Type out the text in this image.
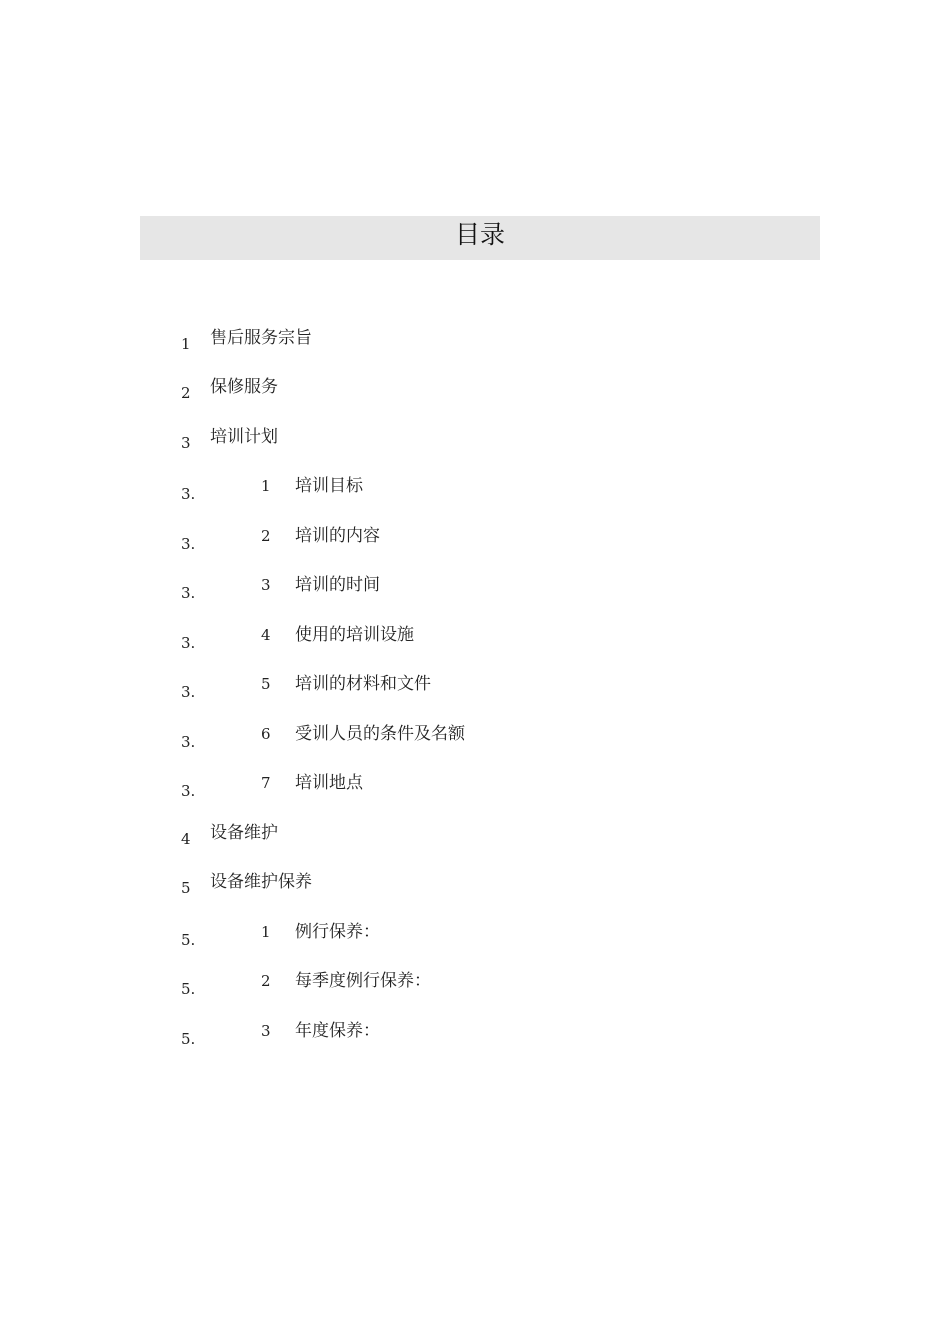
目录
1 售后服务宗旨
2 保修服务
3 培训计划
3.	1 培训目标
3.	2 培训的内容
3.	3 培训的时间
3.	4 使用的培训设施
3.	5 培训的材料和文件
3.	6 受训人员的条件及名额
3.	7 培训地点
4 设备维护
5 设备维护保养
5.	1 例行保养：
5.	2 每季度例行保养：
5.	3 年度保养：
